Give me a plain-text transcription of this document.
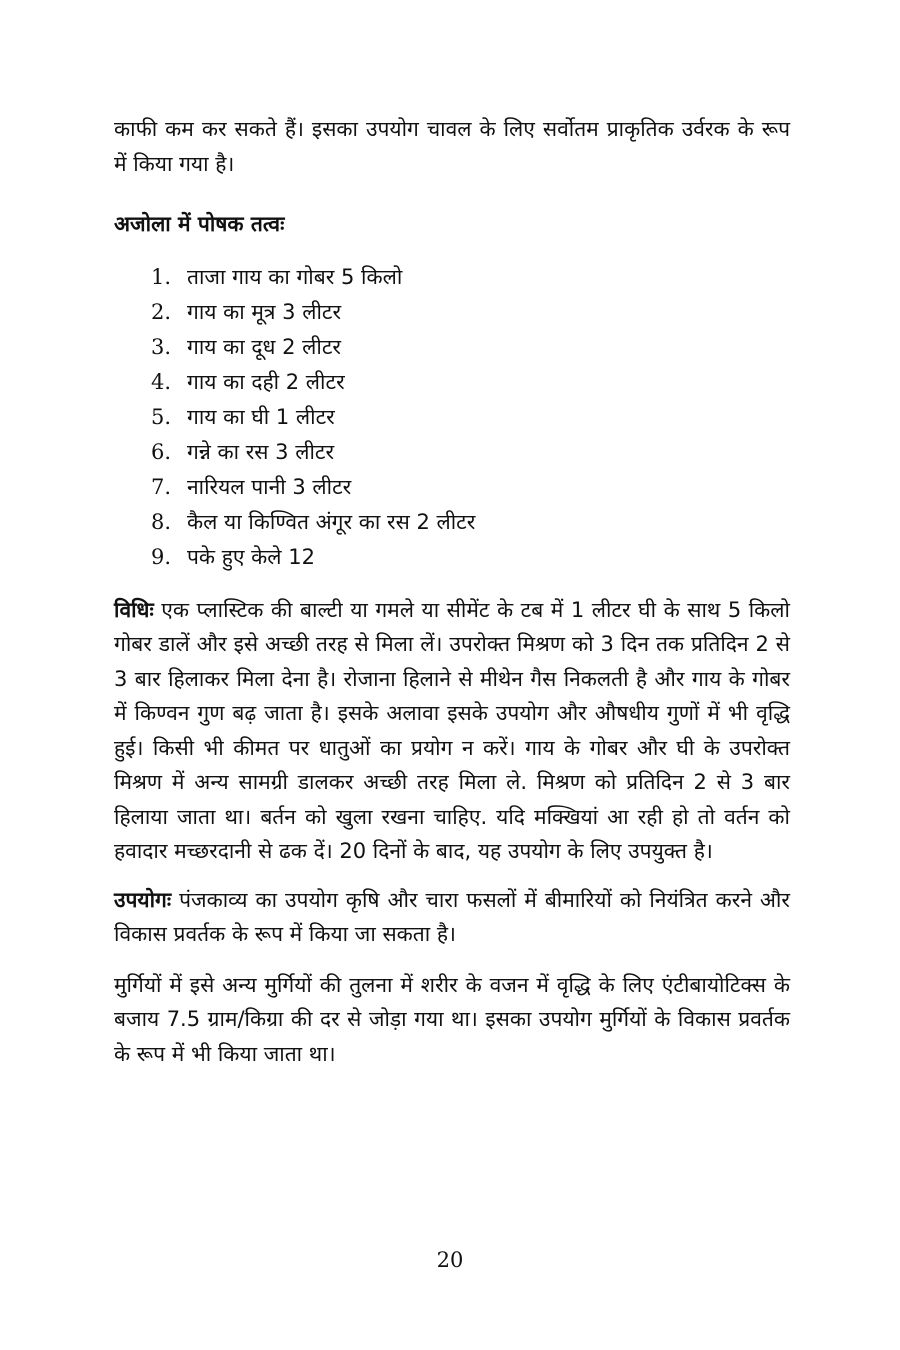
काफी कम कर सकते हैं। इसका उपयोग चावल के लिए सर्वोतम प्राकृतिक उर्वरक के रूप में किया गया है।

अजोला में पोषक तत्वः
1. ताजा गाय का गोबर 5 किलो
2. गाय का मूत्र 3 लीटर
3. गाय का दूध 2 लीटर
4. गाय का दही 2 लीटर
5. गाय का घी 1 लीटर
6. गन्ने का रस 3 लीटर
7. नारियल पानी 3 लीटर
8. कैल या किण्वित अंगूर का रस 2 लीटर
9. पके हुए केले 12

विधिः एक प्लास्टिक की बाल्टी या गमले या सीमेंट के टब में 1 लीटर घी के साथ 5 किलो गोबर डालें और इसे अच्छी तरह से मिला लें। उपरोक्त मिश्रण को 3 दिन तक प्रतिदिन 2 से 3 बार हिलाकर मिला देना है। रोजाना हिलाने से मीथेन गैस निकलती है और गाय के गोबर में किण्वन गुण बढ़ जाता है। इसके अलावा इसके उपयोग और औषधीय गुणों में भी वृद्धि हुई। किसी भी कीमत पर धातुओं का प्रयोग न करें। गाय के गोबर और घी के उपरोक्त मिश्रण में अन्य सामग्री डालकर अच्छी तरह मिला ले. मिश्रण को प्रतिदिन 2 से 3 बार हिलाया जाता था। बर्तन को खुला रखना चाहिए. यदि मक्खियां आ रही हो तो वर्तन को हवादार मच्छरदानी से ढक दें। 20 दिनों के बाद, यह उपयोग के लिए उपयुक्त है।

उपयोगः पंजकाव्य का उपयोग कृषि और चारा फसलों में बीमारियों को नियंत्रित करने और विकास प्रवर्तक के रूप में किया जा सकता है।

मुर्गियों में इसे अन्य मुर्गियों की तुलना में शरीर के वजन में वृद्धि के लिए एंटीबायोटिक्स के बजाय 7.5 ग्राम/किग्रा की दर से जोड़ा गया था। इसका उपयोग मुर्गियों के विकास प्रवर्तक के रूप में भी किया जाता था।

20
